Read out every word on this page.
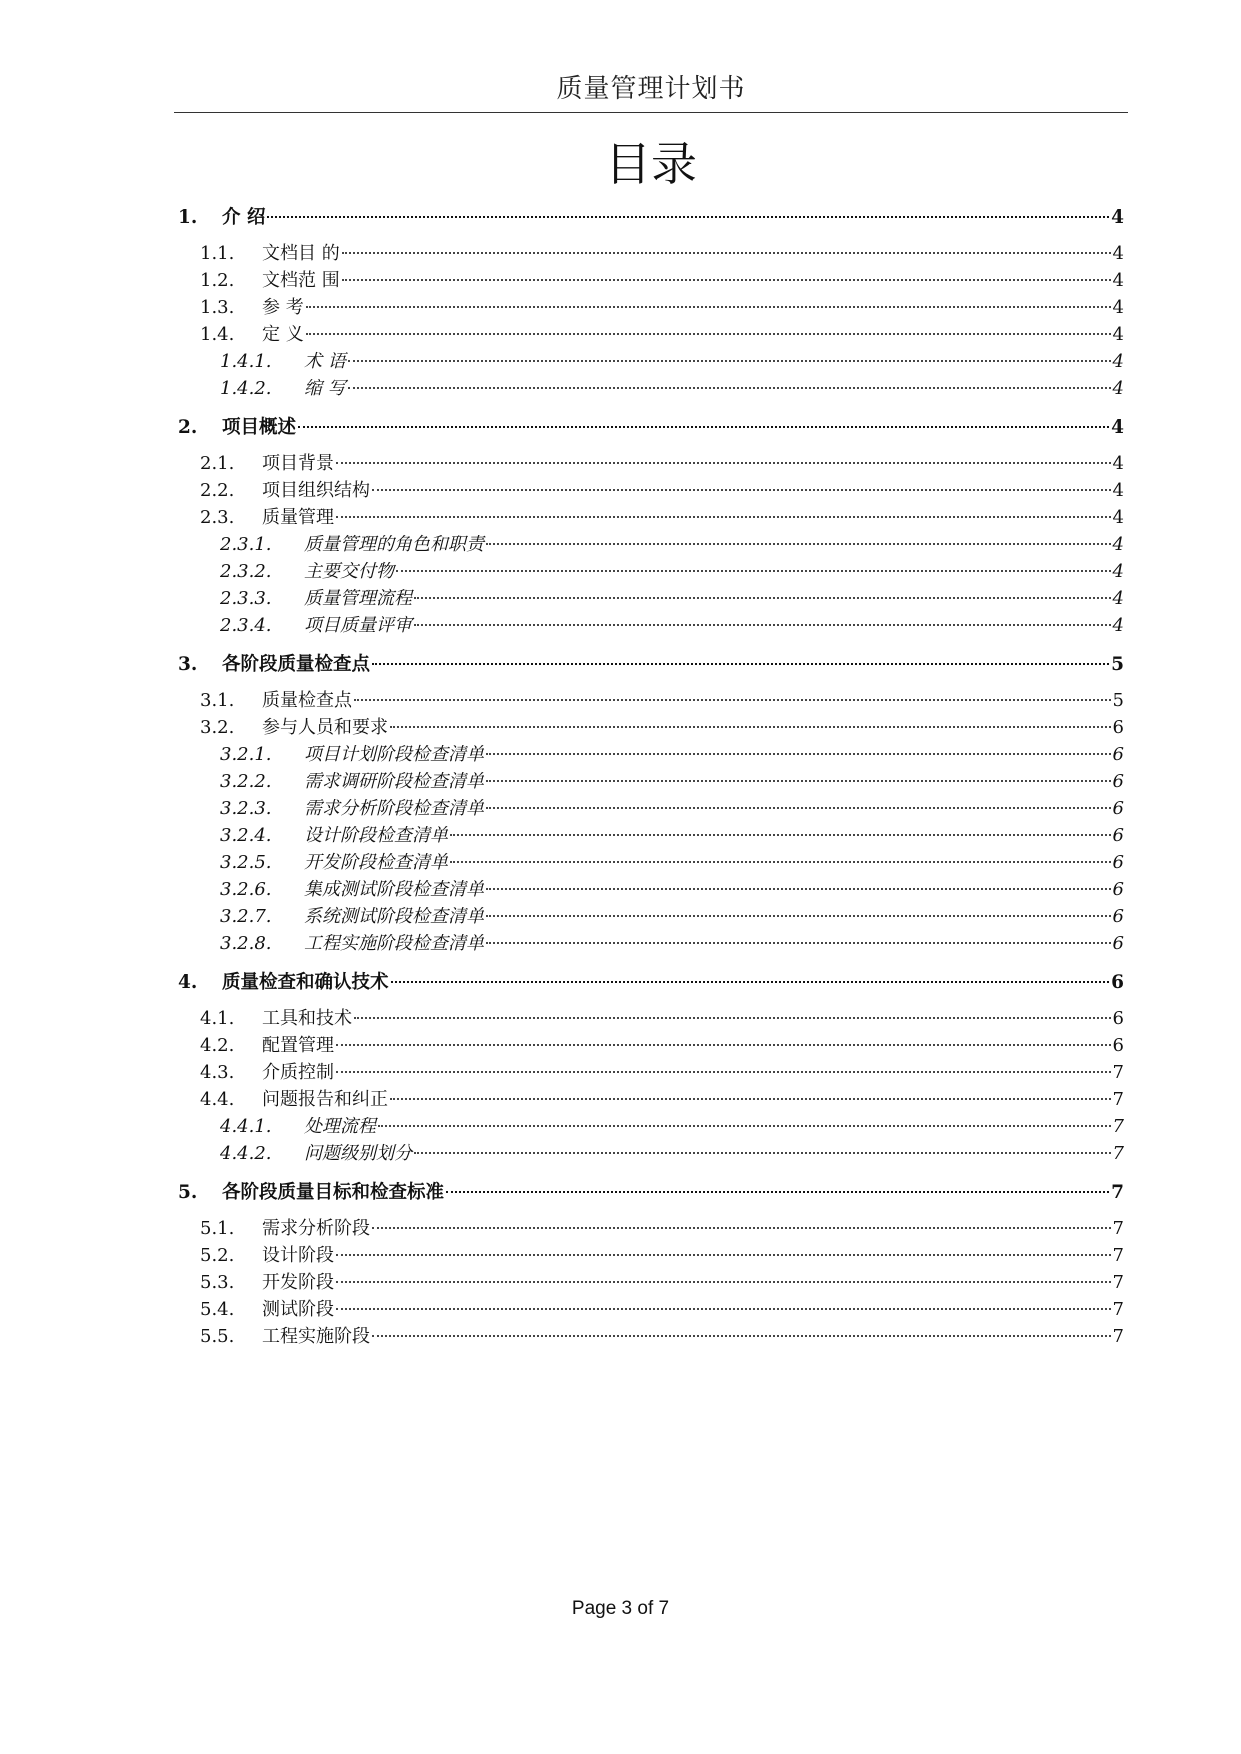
质量管理计划书
目录
1.	介 绍	4
1.1.	文档目 的	4
1.2.	文档范 围	4
1.3.	参 考	4
1.4.	定 义	4
1.4.1.	术 语	4
1.4.2.	缩 写	4
2.	项目概述	4
2.1.	项目背景	4
2.2.	项目组织结构	4
2.3.	质量管理	4
2.3.1.	质量管理的角色和职责	4
2.3.2.	主要交付物	4
2.3.3.	质量管理流程	4
2.3.4.	项目质量评审	4
3.	各阶段质量检查点	5
3.1.	质量检查点	5
3.2.	参与人员和要求	6
3.2.1.	项目计划阶段检查清单	6
3.2.2.	需求调研阶段检查清单	6
3.2.3.	需求分析阶段检查清单	6
3.2.4.	设计阶段检查清单	6
3.2.5.	开发阶段检查清单	6
3.2.6.	集成测试阶段检查清单	6
3.2.7.	系统测试阶段检查清单	6
3.2.8.	工程实施阶段检查清单	6
4.	质量检查和确认技术	6
4.1.	工具和技术	6
4.2.	配置管理	6
4.3.	介质控制	7
4.4.	问题报告和纠正	7
4.4.1.	处理流程	7
4.4.2.	问题级别划分	7
5.	各阶段质量目标和检查标准	7
5.1.	需求分析阶段	7
5.2.	设计阶段	7
5.3.	开发阶段	7
5.4.	测试阶段	7
5.5.	工程实施阶段	7
Page 3 of 7
